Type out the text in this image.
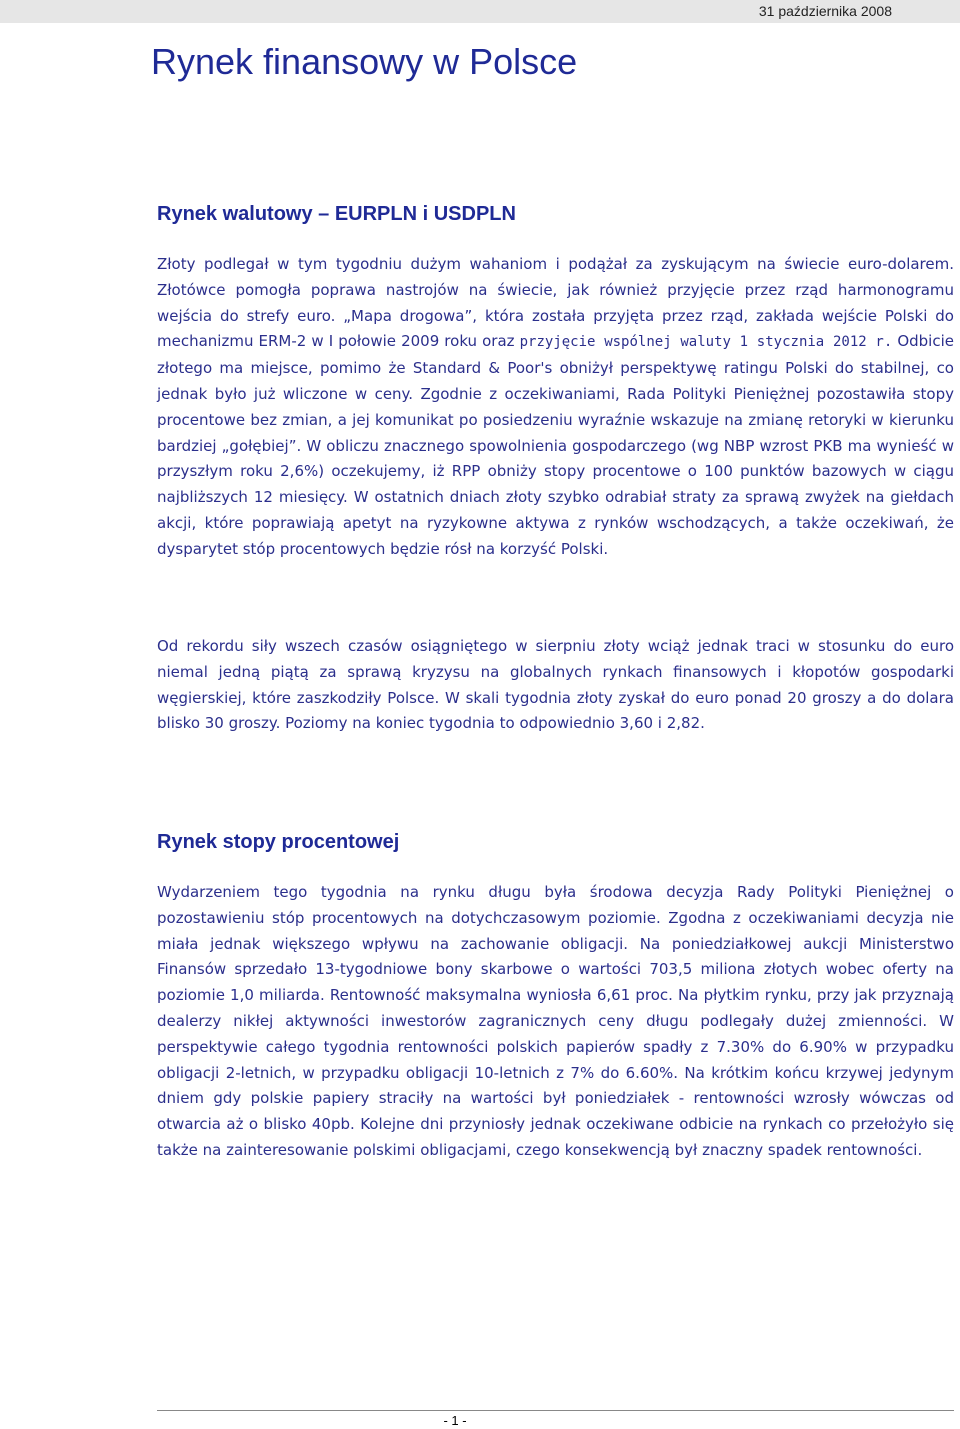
31 października 2008
Rynek finansowy w Polsce
Rynek walutowy – EURPLN i USDPLN

Złoty podlegał w tym tygodniu dużym wahaniom i podążał za zyskującym na świecie euro-dolarem. Złotówce pomogła poprawa nastrojów na świecie, jak również przyjęcie przez rząd harmonogramu wejścia do strefy euro. „Mapa drogowa”, która została przyjęta przez rząd, zakłada wejście Polski do mechanizmu ERM-2 w I połowie 2009 roku oraz przyjęcie wspólnej waluty 1 stycznia 2012 r. Odbicie złotego ma miejsce, pomimo że Standard & Poor's obniżył perspektywę ratingu Polski do stabilnej, co jednak było już wliczone w ceny. Zgodnie z oczekiwaniami, Rada Polityki Pieniężnej pozostawiła stopy procentowe bez zmian, a jej komunikat po posiedzeniu wyraźnie wskazuje na zmianę retoryki w kierunku bardziej „gołębiej”. W obliczu znacznego spowolnienia gospodarczego (wg NBP wzrost PKB ma wynieść w przyszłym roku 2,6%) oczekujemy, iż RPP obniży stopy procentowe o 100 punktów bazowych w ciągu najbliższych 12 miesięcy. W ostatnich dniach złoty szybko odrabiał straty za sprawą zwyżek na giełdach akcji, które poprawiają apetyt na ryzykowne aktywa z rynków wschodzących, a także oczekiwań, że dysparytet stóp procentowych będzie rósł na korzyść Polski.

Od rekordu siły wszech czasów osiągniętego w sierpniu złoty wciąż jednak traci w stosunku do euro niemal jedną piątą za sprawą kryzysu na globalnych rynkach finansowych i kłopotów gospodarki węgierskiej, które zaszkodziły Polsce. W skali tygodnia złoty zyskał do euro ponad 20 groszy a do dolara blisko 30 groszy. Poziomy na koniec tygodnia to odpowiednio 3,60 i 2,82.

Rynek stopy procentowej

Wydarzeniem tego tygodnia na rynku długu była środowa decyzja Rady Polityki Pieniężnej o pozostawieniu stóp procentowych na dotychczasowym poziomie. Zgodna z oczekiwaniami decyzja nie miała jednak większego wpływu na zachowanie obligacji. Na poniedziałkowej aukcji Ministerstwo Finansów sprzedało 13-tygodniowe bony skarbowe o wartości 703,5 miliona złotych wobec oferty na poziomie 1,0 miliarda. Rentowność maksymalna wyniosła 6,61 proc. Na płytkim rynku, przy jak przyznają dealerzy nikłej aktywności inwestorów zagranicznych ceny długu podlegały dużej zmienności. W perspektywie całego tygodnia rentowności polskich papierów spadły z 7.30% do 6.90% w przypadku obligacji 2-letnich, w przypadku obligacji 10-letnich z 7% do 6.60%. Na krótkim końcu krzywej jedynym dniem gdy polskie papiery straciły na wartości był poniedziałek - rentowności wzrosły wówczas od otwarcia aż o blisko 40pb. Kolejne dni przyniosły jednak oczekiwane odbicie na rynkach co przełożyło się także na zainteresowanie polskimi obligacjami, czego konsekwencją był znaczny spadek rentowności.

- 1 -
